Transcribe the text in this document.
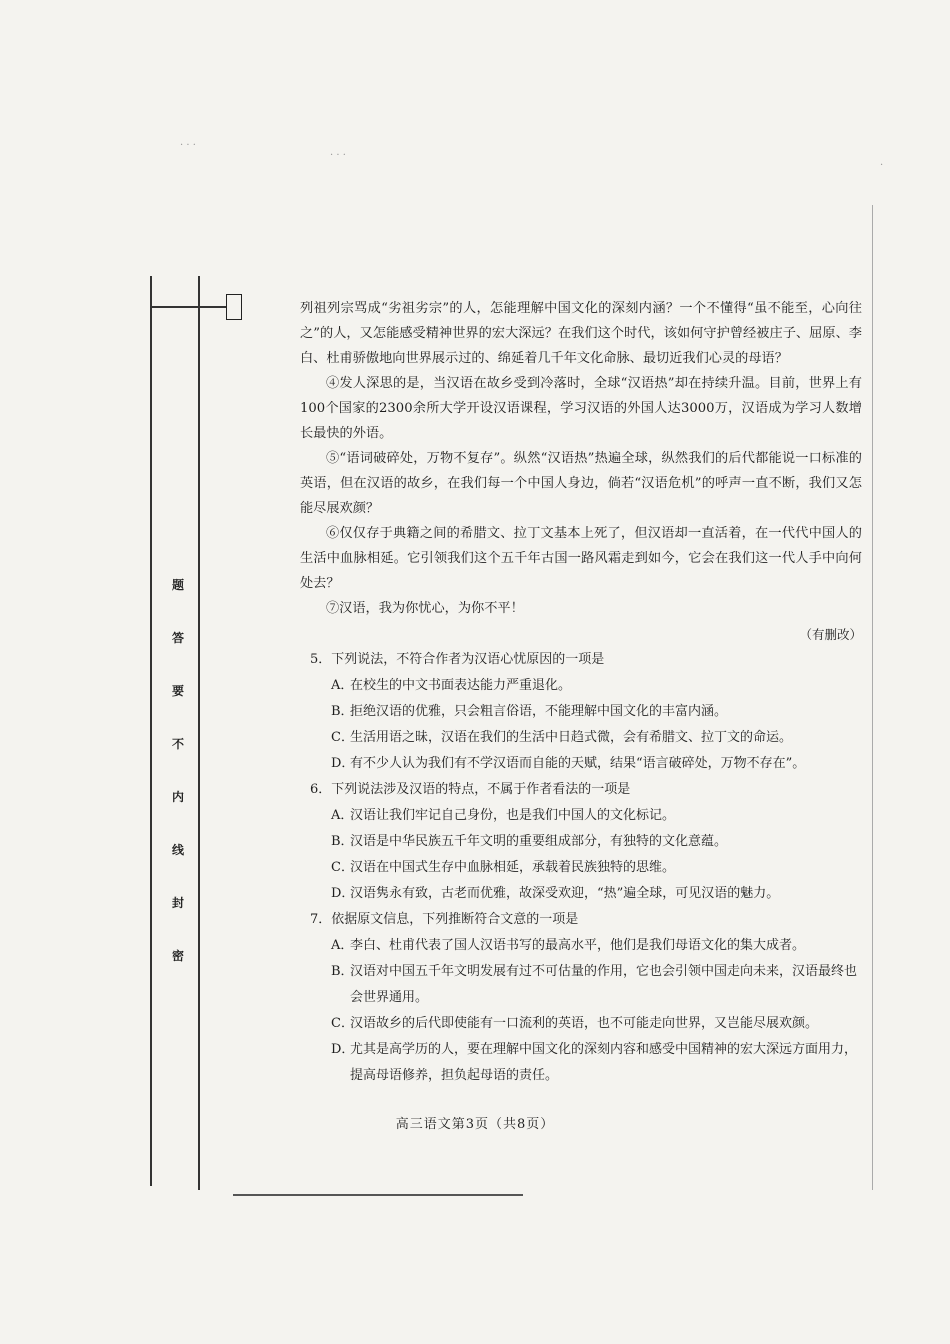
题
答
要
不
内
线
封
密
· · ·
· · ·
·

列祖列宗骂成“劣祖劣宗”的人，怎能理解中国文化的深刻内涵？一个不懂得“虽不能至，心向往之”的人，又怎能感受精神世界的宏大深远？在我们这个时代，该如何守护曾经被庄子、屈原、李白、杜甫骄傲地向世界展示过的、绵延着几千年文化命脉、最切近我们心灵的母语？

④发人深思的是，当汉语在故乡受到冷落时，全球“汉语热”却在持续升温。目前，世界上有100个国家的2300余所大学开设汉语课程，学习汉语的外国人达3000万，汉语成为学习人数增长最快的外语。

⑤“语词破碎处，万物不复存”。纵然“汉语热”热遍全球，纵然我们的后代都能说一口标准的英语，但在汉语的故乡，在我们每一个中国人身边，倘若“汉语危机”的呼声一直不断，我们又怎能尽展欢颜？

⑥仅仅存于典籍之间的希腊文、拉丁文基本上死了，但汉语却一直活着，在一代代中国人的生活中血脉相延。它引领我们这个五千年古国一路风霜走到如今，它会在我们这一代人手中向何处去？

⑦汉语，我为你忧心，为你不平！

（有删改）

5．下列说法，不符合作者为汉语心忧原因的一项是

A．在校生的中文书面表达能力严重退化。

B．拒绝汉语的优雅，只会粗言俗语，不能理解中国文化的丰富内涵。

C．生活用语之昧，汉语在我们的生活中日趋式微，会有希腊文、拉丁文的命运。

D．有不少人认为我们有不学汉语而自能的天赋，结果“语言破碎处，万物不存在”。

6．下列说法涉及汉语的特点，不属于作者看法的一项是

A．汉语让我们牢记自己身份，也是我们中国人的文化标记。

B．汉语是中华民族五千年文明的重要组成部分，有独特的文化意蕴。

C．汉语在中国式生存中血脉相延，承载着民族独特的思维。

D．汉语隽永有致，古老而优雅，故深受欢迎，“热”遍全球，可见汉语的魅力。

7．依据原文信息，下列推断符合文意的一项是

A．李白、杜甫代表了国人汉语书写的最高水平，他们是我们母语文化的集大成者。

B．汉语对中国五千年文明发展有过不可估量的作用，它也会引领中国走向未来，汉语最终也会世界通用。

C．汉语故乡的后代即使能有一口流利的英语，也不可能走向世界，又岂能尽展欢颜。

D．尤其是高学历的人，要在理解中国文化的深刻内容和感受中国精神的宏大深远方面用力，提高母语修养，担负起母语的责任。

高三语文第3页（共8页）
